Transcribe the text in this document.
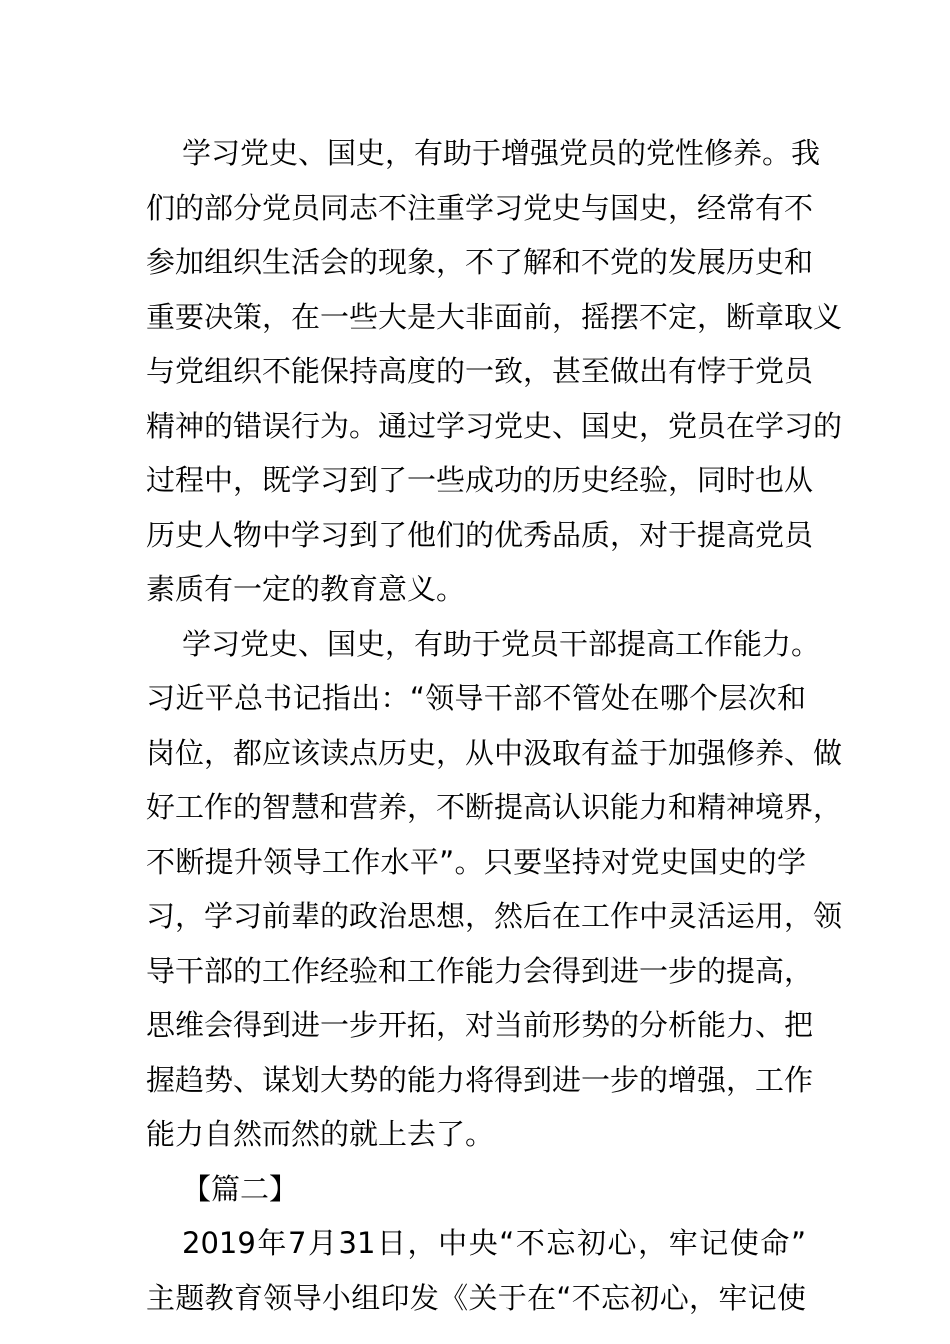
学习党史、国史，有助于增强党员的党性修养。我
们的部分党员同志不注重学习党史与国史，经常有不
参加组织生活会的现象，不了解和不党的发展历史和
重要决策，在一些大是大非面前，摇摆不定，断章取义
与党组织不能保持高度的一致，甚至做出有悖于党员
精神的错误行为。通过学习党史、国史，党员在学习的
过程中，既学习到了一些成功的历史经验，同时也从
历史人物中学习到了他们的优秀品质，对于提高党员
素质有一定的教育意义。
学习党史、国史，有助于党员干部提高工作能力。
习近平总书记指出：“领导干部不管处在哪个层次和
岗位，都应该读点历史，从中汲取有益于加强修养、做
好工作的智慧和营养，不断提高认识能力和精神境界，
不断提升领导工作水平”。只要坚持对党史国史的学
习，学习前辈的政治思想，然后在工作中灵活运用，领
导干部的工作经验和工作能力会得到进一步的提高，
思维会得到进一步开拓，对当前形势的分析能力、把
握趋势、谋划大势的能力将得到进一步的增强，工作
能力自然而然的就上去了。
【篇二】
2019年7月31日，中央“不忘初心，牢记使命”
主题教育领导小组印发《关于在“不忘初心，牢记使
